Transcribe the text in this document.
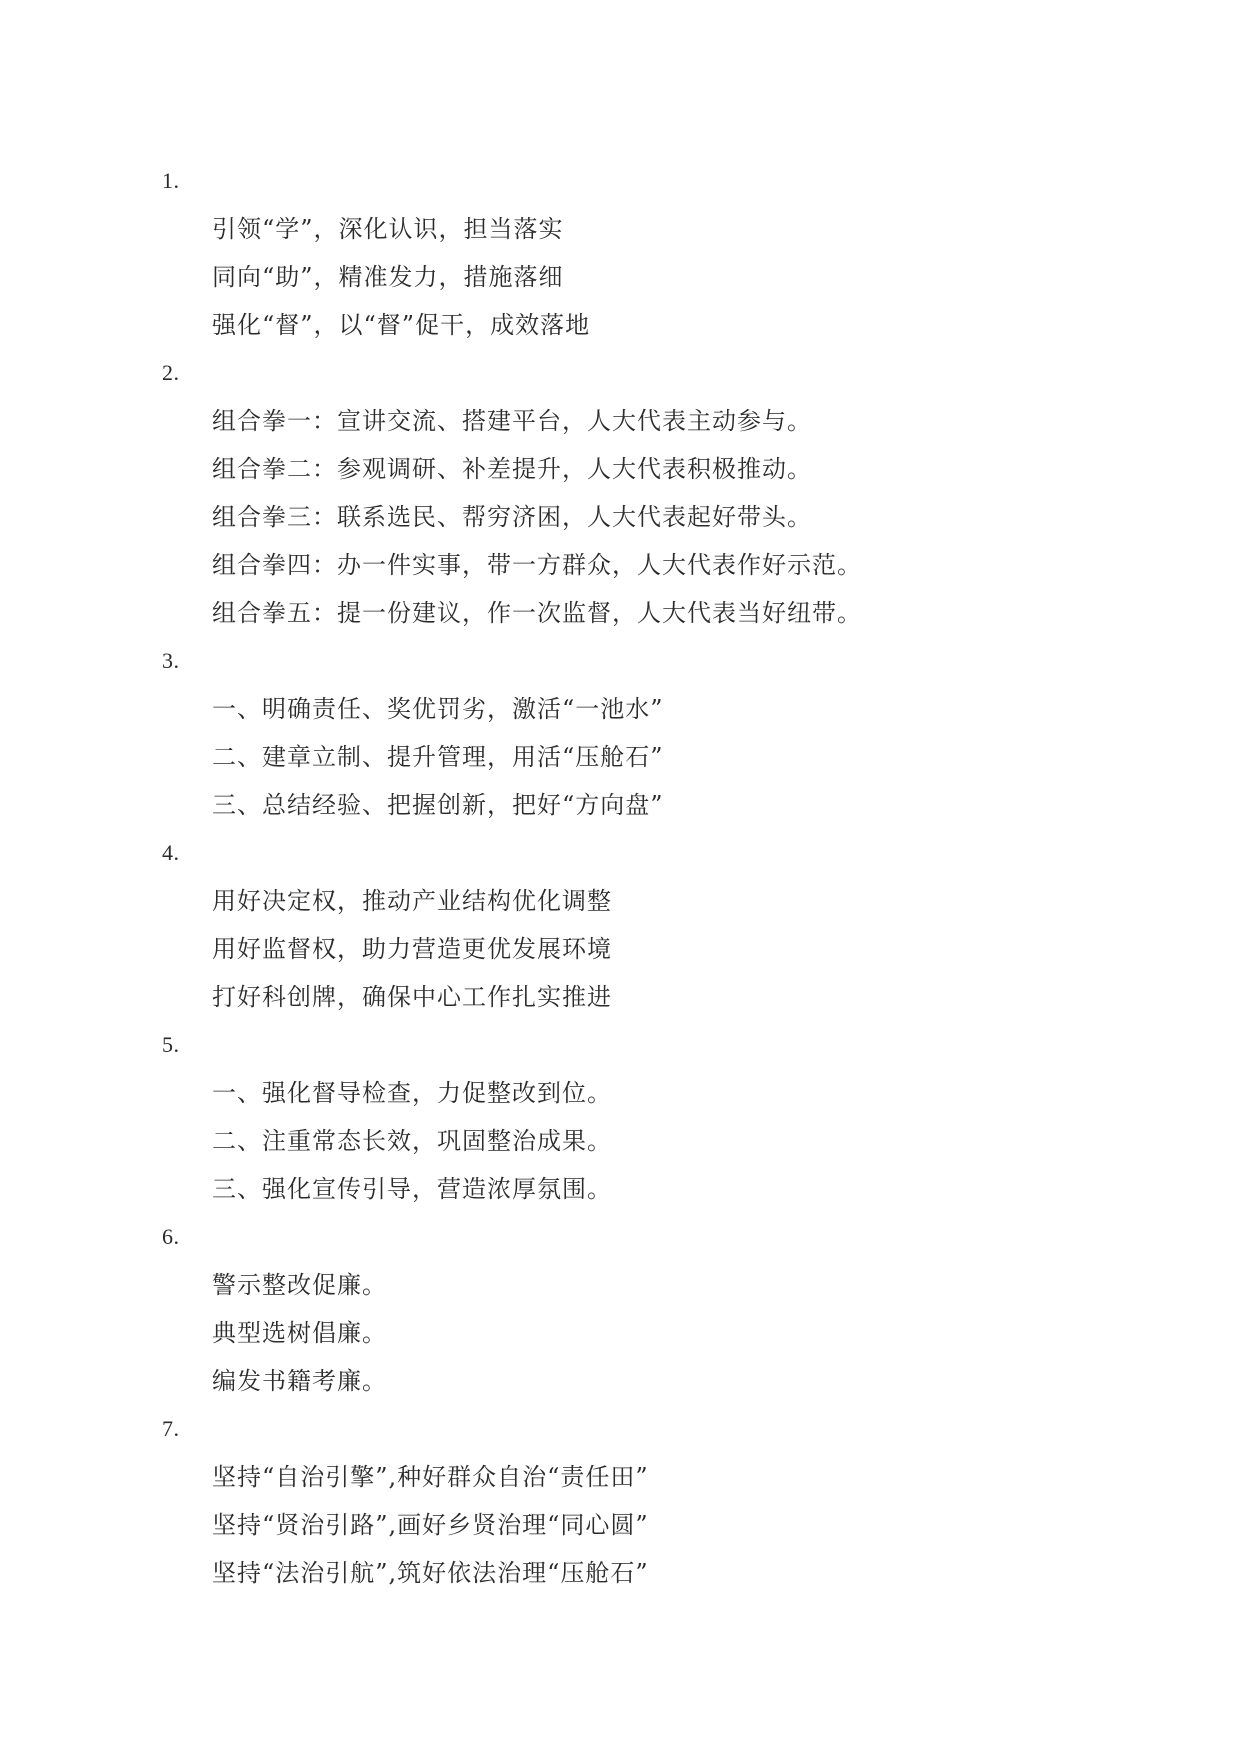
1.
引领“学”，深化认识，担当落实
同向“助”，精准发力，措施落细
强化“督”，以“督”促干，成效落地
2.
组合拳一：宣讲交流、搭建平台，人大代表主动参与。
组合拳二：参观调研、补差提升，人大代表积极推动。
组合拳三：联系选民、帮穷济困，人大代表起好带头。
组合拳四：办一件实事，带一方群众，人大代表作好示范。
组合拳五：提一份建议，作一次监督，人大代表当好纽带。
3.
一、明确责任、奖优罚劣，激活“一池水”
二、建章立制、提升管理，用活“压舱石”
三、总结经验、把握创新，把好“方向盘”
4.
用好决定权，推动产业结构优化调整
用好监督权，助力营造更优发展环境
打好科创牌，确保中心工作扎实推进
5.
一、强化督导检查，力促整改到位。
二、注重常态长效，巩固整治成果。
三、强化宣传引导，营造浓厚氛围。
6.
警示整改促廉。
典型选树倡廉。
编发书籍考廉。
7.
坚持“自治引擎”,种好群众自治“责任田”
坚持“贤治引路”,画好乡贤治理“同心圆”
坚持“法治引航”,筑好依法治理“压舱石”
